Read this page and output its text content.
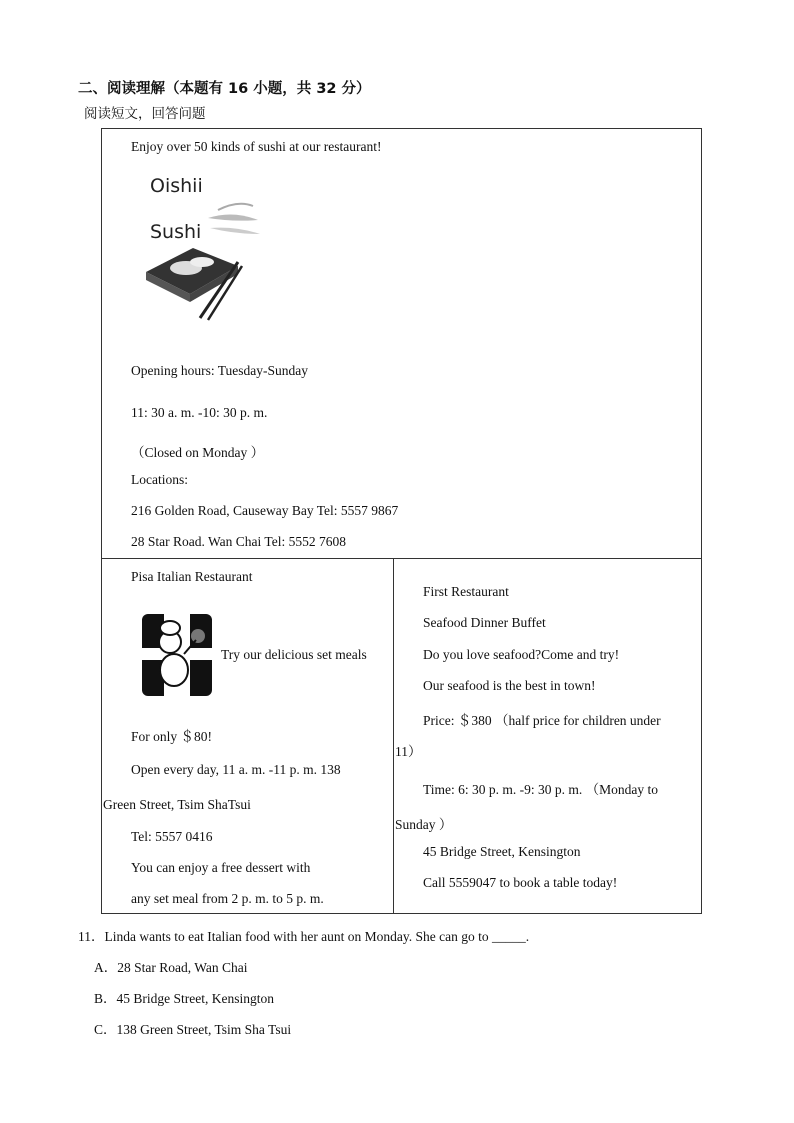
二、阅读理解（本题有 16 小题，共 32 分）
阅读短文，回答问题
Enjoy over 50 kinds of sushi at our restaurant!
Oishii
Sushi
Opening hours: Tuesday-Sunday
11: 30 a. m. -10: 30 p. m.
（Closed on Monday ）
Locations:
216 Golden Road, Causeway Bay Tel: 5557 9867
28 Star Road. Wan Chai Tel: 5552 7608
Pisa Italian Restaurant
Try our delicious set meals
For only ＄80!
Open every day, 11 a. m. -11 p. m. 138
Green Street, Tsim ShaTsui
Tel: 5557 0416
You can enjoy a free dessert with
any set meal from 2 p. m. to 5 p. m.
First Restaurant
Seafood Dinner Buffet
Do you love seafood?Come and try!
Our seafood is the best in town!
Price: ＄380 （half price for children under
11）
Time: 6: 30 p. m. -9: 30 p. m. （Monday to
Sunday ）
45 Bridge Street, Kensington
Call 5559047 to book a table today!
11．Linda wants to eat Italian food with her aunt on Monday. She can go to _____.
A．28 Star Road, Wan Chai
B．45 Bridge Street, Kensington
C．138 Green Street, Tsim Sha Tsui
